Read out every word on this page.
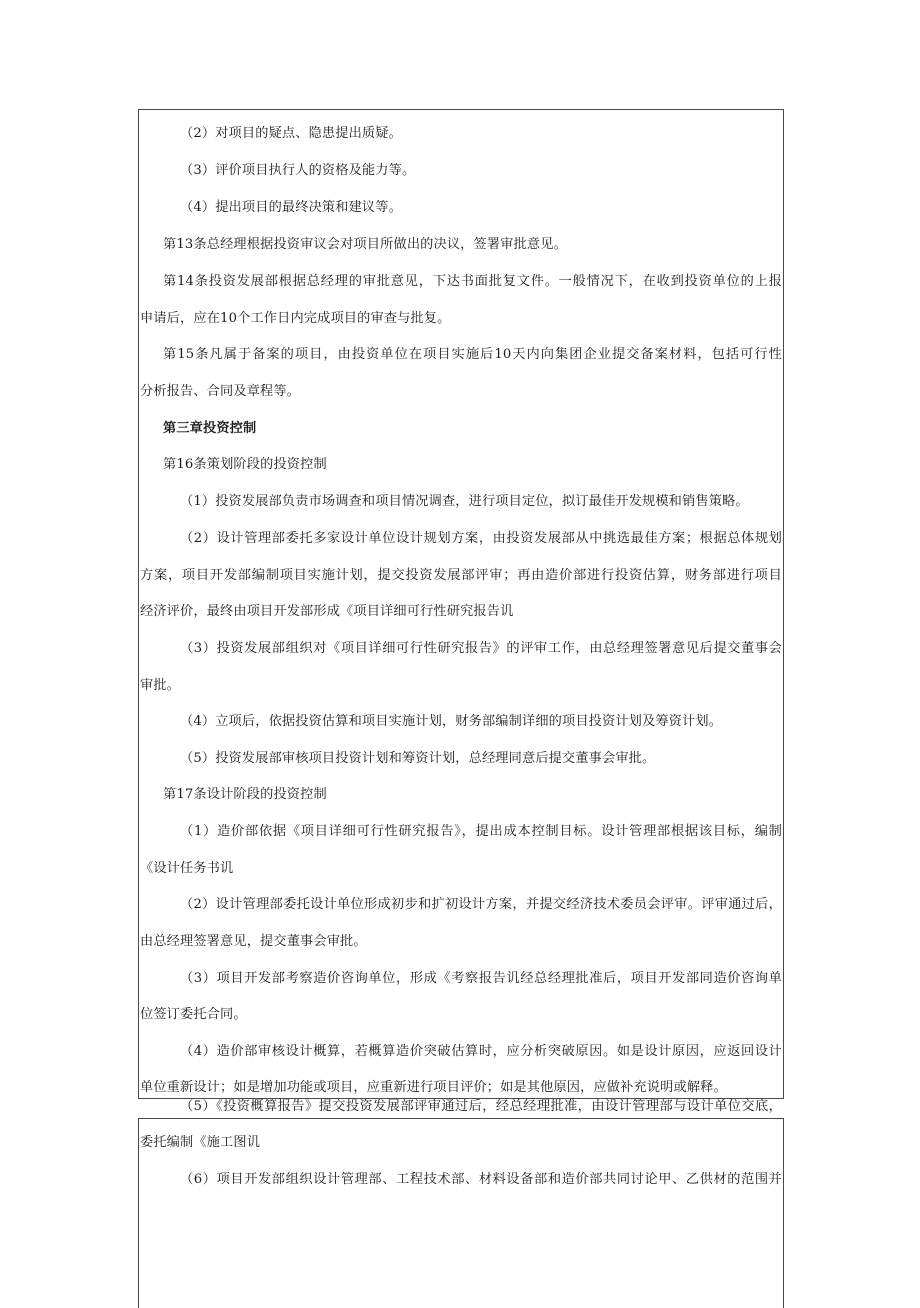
（2）对项目的疑点、隐患提出质疑。
（3）评价项目执行人的资格及能力等。
（4）提出项目的最终决策和建议等。
第13条总经理根据投资审议会对项目所做出的决议，签署审批意见。
第14条投资发展部根据总经理的审批意见，下达书面批复文件。一般情况下，在收到投资单位的上报
申请后，应在10个工作日内完成项目的审查与批复。
第15条凡属于备案的项目，由投资单位在项目实施后10天内向集团企业提交备案材料，包括可行性
分析报告、合同及章程等。
第三章投资控制
第16条策划阶段的投资控制
（1）投资发展部负责市场调查和项目情况调查，进行项目定位，拟订最佳开发规模和销售策略。
（2）设计管理部委托多家设计单位设计规划方案，由投资发展部从中挑选最佳方案；根据总体规划
方案，项目开发部编制项目实施计划，提交投资发展部评审；再由造价部进行投资估算，财务部进行项目
经济评价，最终由项目开发部形成《项目详细可行性研究报告讥
（3）投资发展部组织对《项目详细可行性研究报告》的评审工作，由总经理签署意见后提交董事会
审批。
（4）立项后，依据投资估算和项目实施计划，财务部编制详细的项目投资计划及筹资计划。
（5）投资发展部审核项目投资计划和筹资计划，总经理同意后提交董事会审批。
第17条设计阶段的投资控制
（1）造价部依据《项目详细可行性研究报告》，提出成本控制目标。设计管理部根据该目标，编制
《设计任务书讥
（2）设计管理部委托设计单位形成初步和扩初设计方案，并提交经济技术委员会评审。评审通过后，
由总经理签署意见，提交董事会审批。
（3）项目开发部考察造价咨询单位，形成《考察报告讥经总经理批准后，项目开发部同造价咨询单
位签订委托合同。
（4）造价部审核设计概算，若概算造价突破估算时，应分析突破原因。如是设计原因，应返回设计
单位重新设计；如是增加功能或项目，应重新进行项目评价；如是其他原因，应做补充说明或解释。
（5）《投资概算报告》提交投资发展部评审通过后，经总经理批准，由设计管理部与设计单位交底，
委托编制《施工图讥
（6）项目开发部组织设计管理部、工程技术部、材料设备部和造价部共同讨论甲、乙供材的范围并
